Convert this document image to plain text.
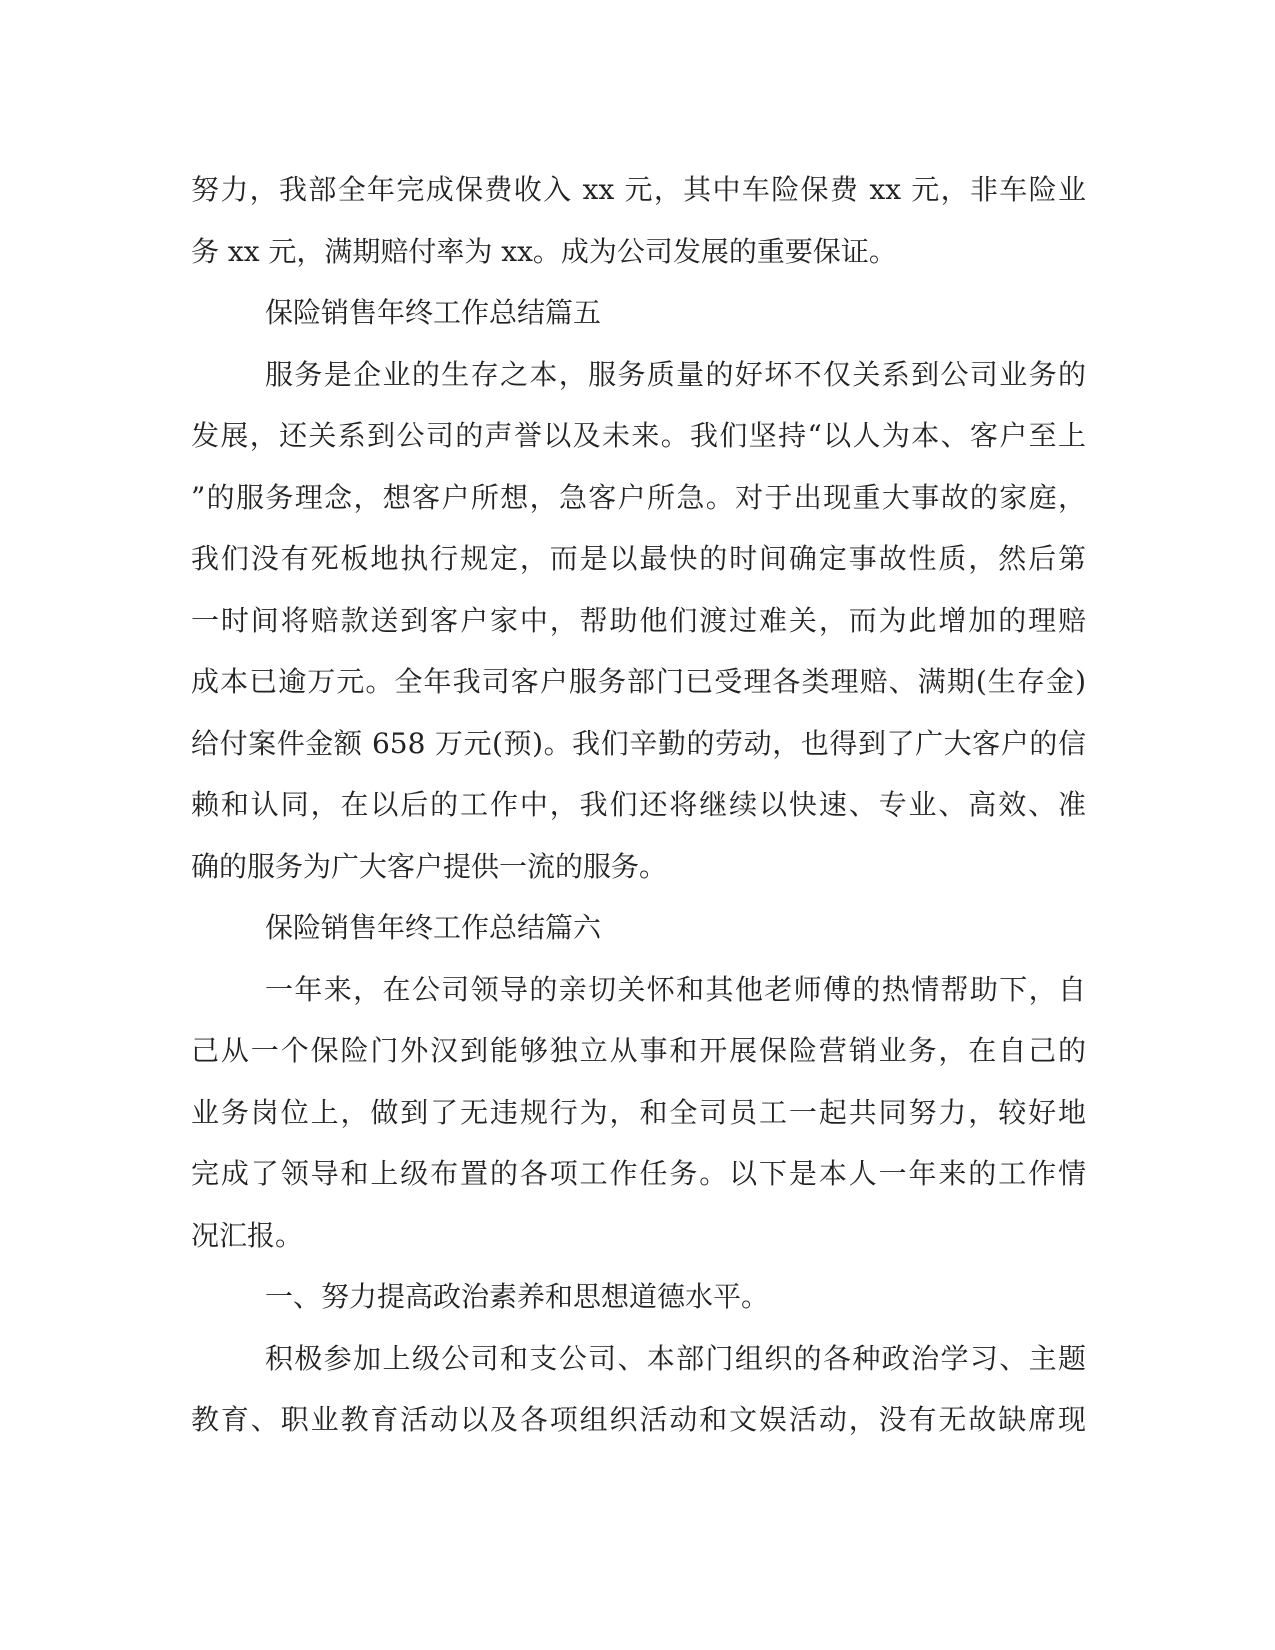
努力，我部全年完成保费收入 xx 元，其中车险保费 xx 元，非车险业
务 xx 元，满期赔付率为 xx。成为公司发展的重要保证。
保险销售年终工作总结篇五
服务是企业的生存之本，服务质量的好坏不仅关系到公司业务的
发展，还关系到公司的声誉以及未来。我们坚持“以人为本、客户至上
”的服务理念，想客户所想，急客户所急。对于出现重大事故的家庭，
我们没有死板地执行规定，而是以最快的时间确定事故性质，然后第
一时间将赔款送到客户家中，帮助他们渡过难关，而为此增加的理赔
成本已逾万元。全年我司客户服务部门已受理各类理赔、满期(生存金)
给付案件金额 658 万元(预)。我们辛勤的劳动，也得到了广大客户的信
赖和认同，在以后的工作中，我们还将继续以快速、专业、高效、准
确的服务为广大客户提供一流的服务。
保险销售年终工作总结篇六
一年来，在公司领导的亲切关怀和其他老师傅的热情帮助下，自
己从一个保险门外汉到能够独立从事和开展保险营销业务，在自己的
业务岗位上，做到了无违规行为，和全司员工一起共同努力，较好地
完成了领导和上级布置的各项工作任务。以下是本人一年来的工作情
况汇报。
一、努力提高政治素养和思想道德水平。
积极参加上级公司和支公司、本部门组织的各种政治学习、主题
教育、职业教育活动以及各项组织活动和文娱活动，没有无故缺席现
